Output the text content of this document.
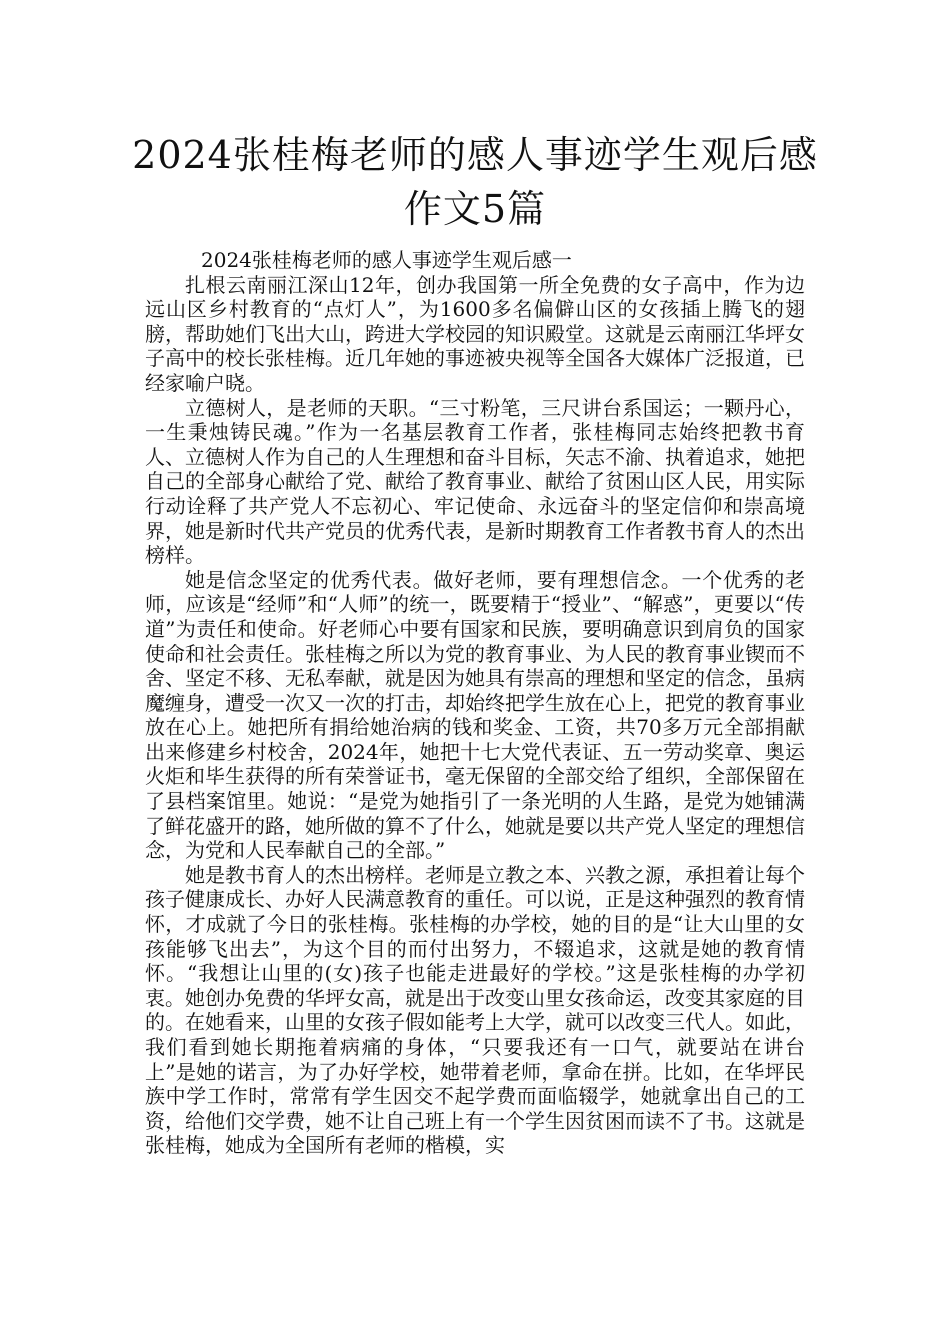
2024张桂梅老师的感人事迹学生观后感作文5篇

2024张桂梅老师的感人事迹学生观后感一

扎根云南丽江深山12年，创办我国第一所全免费的女子高中，作为边远山区乡村教育的“点灯人”，为1600多名偏僻山区的女孩插上腾飞的翅膀，帮助她们飞出大山，跨进大学校园的知识殿堂。这就是云南丽江华坪女子高中的校长张桂梅。近几年她的事迹被央视等全国各大媒体广泛报道，已经家喻户晓。

立德树人，是老师的天职。“三寸粉笔，三尺讲台系国运；一颗丹心，一生秉烛铸民魂。”作为一名基层教育工作者，张桂梅同志始终把教书育人、立德树人作为自己的人生理想和奋斗目标，矢志不渝、执着追求，她把自己的全部身心献给了党、献给了教育事业、献给了贫困山区人民，用实际行动诠释了共产党人不忘初心、牢记使命、永远奋斗的坚定信仰和崇高境界，她是新时代共产党员的优秀代表，是新时期教育工作者教书育人的杰出榜样。

她是信念坚定的优秀代表。做好老师，要有理想信念。一个优秀的老师，应该是“经师”和“人师”的统一，既要精于“授业”、“解惑”，更要以“传道”为责任和使命。好老师心中要有国家和民族，要明确意识到肩负的国家使命和社会责任。张桂梅之所以为党的教育事业、为人民的教育事业锲而不舍、坚定不移、无私奉献，就是因为她具有崇高的理想和坚定的信念，虽病魔缠身，遭受一次又一次的打击，却始终把学生放在心上，把党的教育事业放在心上。她把所有捐给她治病的钱和奖金、工资，共70多万元全部捐献出来修建乡村校舍，2024年，她把十七大党代表证、五一劳动奖章、奥运火炬和毕生获得的所有荣誉证书，毫无保留的全部交给了组织，全部保留在了县档案馆里。她说：“是党为她指引了一条光明的人生路，是党为她铺满了鲜花盛开的路，她所做的算不了什么，她就是要以共产党人坚定的理想信念，为党和人民奉献自己的全部。”

她是教书育人的杰出榜样。老师是立教之本、兴教之源，承担着让每个孩子健康成长、办好人民满意教育的重任。可以说，正是这种强烈的教育情怀，才成就了今日的张桂梅。张桂梅的办学校，她的目的是“让大山里的女孩能够飞出去”，为这个目的而付出努力，不辍追求，这就是她的教育情怀。“我想让山里的(女)孩子也能走进最好的学校。”这是张桂梅的办学初衷。她创办免费的华坪女高，就是出于改变山里女孩命运，改变其家庭的目的。在她看来，山里的女孩子假如能考上大学，就可以改变三代人。如此，我们看到她长期拖着病痛的身体，“只要我还有一口气，就要站在讲台上”是她的诺言，为了办好学校，她带着老师，拿命在拼。比如，在华坪民族中学工作时，常常有学生因交不起学费而面临辍学，她就拿出自己的工资，给他们交学费，她不让自己班上有一个学生因贫困而读不了书。这就是张桂梅，她成为全国所有老师的楷模，实
